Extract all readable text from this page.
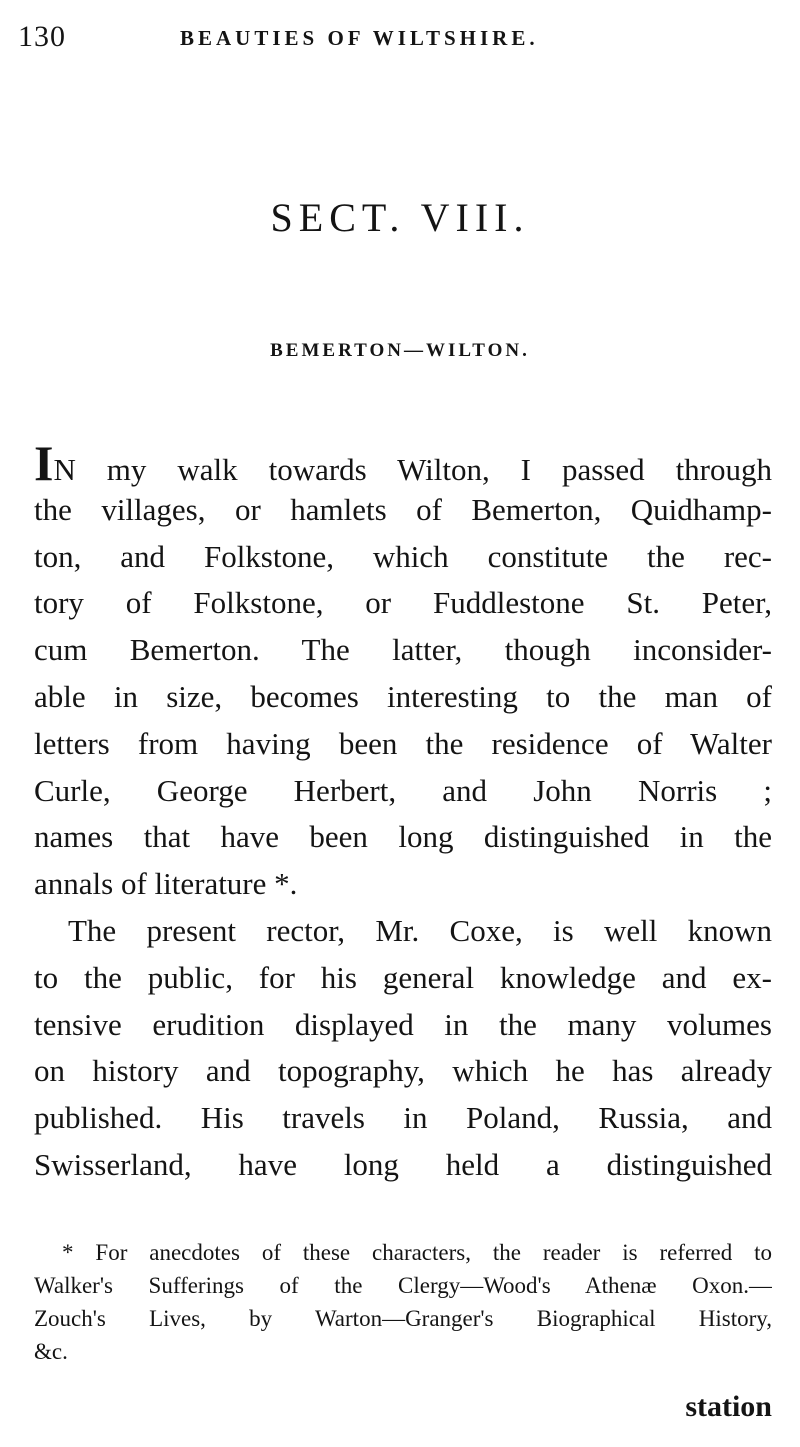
130	BEAUTIES OF WILTSHIRE.
SECT. VIII.
BEMERTON—WILTON.
IN my walk towards Wilton, I passed through
the villages, or hamlets of Bemerton, Quidhamp-
ton, and Folkstone, which constitute the rec-
tory of Folkstone, or Fuddlestone St. Peter,
cum Bemerton. The latter, though inconsider-
able in size, becomes interesting to the man of
letters from having been the residence of Walter
Curle, George Herbert, and John Norris ;
names that have been long distinguished in the
annals of literature *.
The present rector, Mr. Coxe, is well known
to the public, for his general knowledge and ex-
tensive erudition displayed in the many volumes
on history and topography, which he has already
published. His travels in Poland, Russia, and
Swisserland, have long held a distinguished
* For anecdotes of these characters, the reader is referred to
Walker's Sufferings of the Clergy—Wood's Athenæ Oxon.—
Zouch's Lives, by Warton—Granger's Biographical History,
&c.
station
